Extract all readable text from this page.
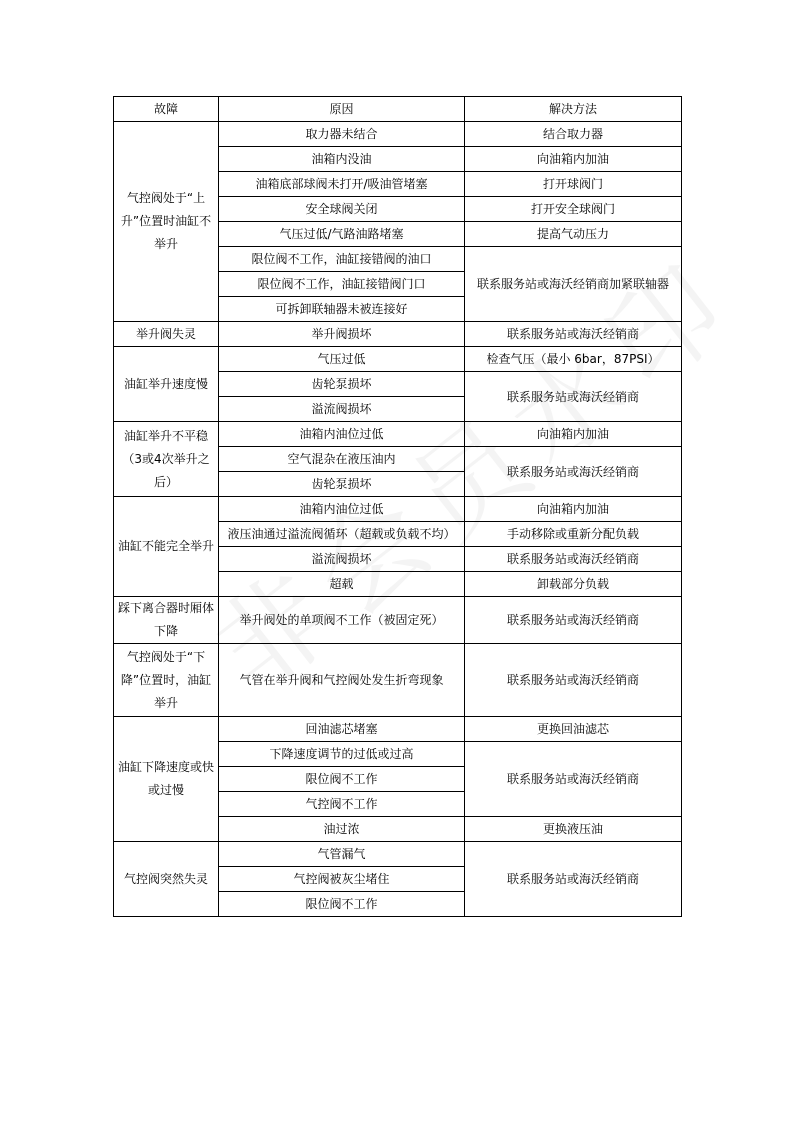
故障	原因	解决方法
气控阀处于“上升”位置时油缸不举升	取力器未结合	结合取力器
	油箱内没油	向油箱内加油
	油箱底部球阀未打开/吸油管堵塞	打开球阀门
	安全球阀关闭	打开安全球阀门
	气压过低/气路油路堵塞	提高气动压力
	限位阀不工作，油缸接错阀的油口	联系服务站或海沃经销商加紧联轴器
	限位阀不工作，油缸接错阀门口	
	可拆卸联轴器未被连接好	
举升阀失灵	举升阀损坏	联系服务站或海沃经销商
油缸举升速度慢	气压过低	检查气压（最小 6bar，87PSI）
	齿轮泵损坏	联系服务站或海沃经销商
	溢流阀损坏	
油缸举升不平稳（3或4次举升之后）	油箱内油位过低	向油箱内加油
	空气混杂在液压油内	联系服务站或海沃经销商
	齿轮泵损坏	
油缸不能完全举升	油箱内油位过低	向油箱内加油
	液压油通过溢流阀循环（超载或负载不均）	手动移除或重新分配负载
	溢流阀损坏	联系服务站或海沃经销商
	超载	卸载部分负载
踩下离合器时厢体下降	举升阀处的单项阀不工作（被固定死）	联系服务站或海沃经销商
气控阀处于“下降”位置时，油缸举升	气管在举升阀和气控阀处发生折弯现象	联系服务站或海沃经销商
油缸下降速度或快或过慢	回油滤芯堵塞	更换回油滤芯
	下降速度调节的过低或过高	联系服务站或海沃经销商
	限位阀不工作	
	气控阀不工作	
	油过浓	更换液压油
气控阀突然失灵	气管漏气	联系服务站或海沃经销商
	气控阀被灰尘堵住	
	限位阀不工作	
